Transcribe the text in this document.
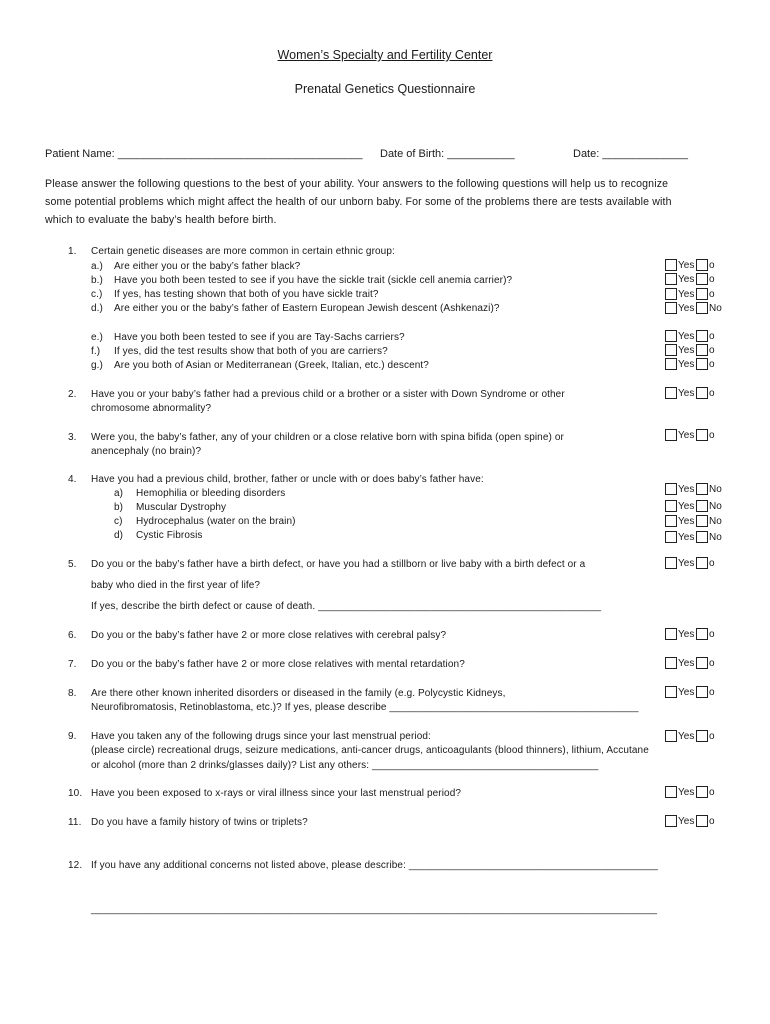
Women’s Specialty and Fertility Center
Prenatal Genetics Questionnaire
Patient Name: ________________________________________ Date of Birth: ___________	Date: ______________
Please answer the following questions to the best of your ability. Your answers to the following questions will help us to recognize
some potential problems which might affect the health of our unborn baby. For some of the problems there are tests available with
which to evaluate the baby’s health before birth.
1. Certain genetic diseases are more common in certain ethnic group:
a.) Are either you or the baby’s father black?	Yes o
b.) Have you both been tested to see if you have the sickle trait (sickle cell anemia carrier)?	Yes o
c.) If yes, has testing shown that both of you have sickle trait?	Yes o
d.) Are either you or the baby’s father of Eastern European Jewish descent (Ashkenazi)?	Yes No
e.) Have you both been tested to see if you are Tay-Sachs carriers?	Yes o
f.) If yes, did the test results show that both of you are carriers?	Yes o
g.) Are you both of Asian or Mediterranean (Greek, Italian, etc.) descent?	Yes o
2. Have you or your baby’s father had a previous child or a brother or a sister with Down Syndrome or other
chromosome abnormality?
Yes o
3. Were you, the baby’s father, any of your children or a close relative born with spina bifida (open spine) or
anencephaly (no brain)?
Yes o
4. Have you had a previous child, brother, father or uncle with or does baby’s father have:
a) Hemophilia or bleeding disorders	Yes No
b) Muscular Dystrophy	Yes No
c) Hydrocephalus (water on the brain)	Yes No
d) Cystic Fibrosis	Yes No
5. Do you or the baby’s father have a birth defect, or have you had a stillborn or live baby with a birth defect or a
baby who died in the first year of life?
If yes, describe the birth defect or cause of death. __________________________________________________
Yes o
6. Do you or the baby’s father have 2 or more close relatives with cerebral palsy?	Yes o
7. Do you or the baby’s father have 2 or more close relatives with mental retardation?	Yes o
8. Are there other known inherited disorders or diseased in the family (e.g. Polycystic Kidneys,
Neurofibromatosis, Retinoblastoma, etc.)? If yes, please describe ____________________________________________
Yes o
9. Have you taken any of the following drugs since your last menstrual period:
(please circle) recreational drugs, seizure medications, anti-cancer drugs, anticoagulants (blood thinners), lithium, Accutane
or alcohol (more than 2 drinks/glasses daily)? List any others: ________________________________________
Yes o
10. Have you been exposed to x-rays or viral illness since your last menstrual period?	Yes o
11. Do you have a family history of twins or triplets?	Yes o
12. If you have any additional concerns not listed above, please describe: ____________________________________________
____________________________________________________________________________________________________
